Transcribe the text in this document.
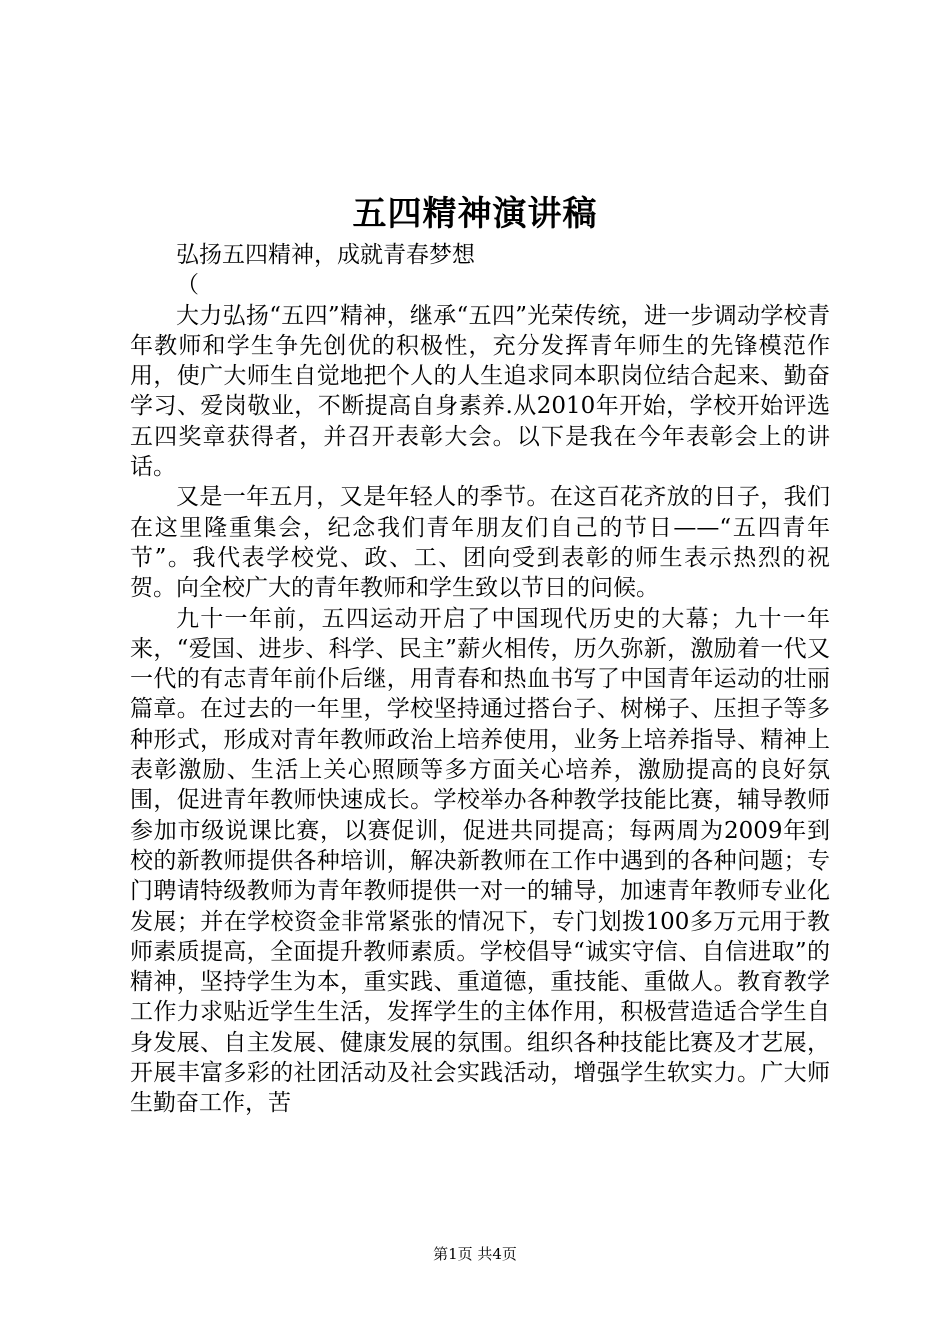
五四精神演讲稿

弘扬五四精神，成就青春梦想

（

大力弘扬“五四”精神，继承“五四”光荣传统，进一步调动学校青年教师和学生争先创优的积极性，充分发挥青年师生的先锋模范作用，使广大师生自觉地把个人的人生追求同本职岗位结合起来、勤奋学习、爱岗敬业，不断提高自身素养.从2010年开始，学校开始评选五四奖章获得者，并召开表彰大会。以下是我在今年表彰会上的讲话。

又是一年五月，又是年轻人的季节。在这百花齐放的日子，我们在这里隆重集会，纪念我们青年朋友们自己的节日——“五四青年节”。我代表学校党、政、工、团向受到表彰的师生表示热烈的祝贺。向全校广大的青年教师和学生致以节日的问候。

九十一年前，五四运动开启了中国现代历史的大幕；九十一年来，“爱国、进步、科学、民主”薪火相传，历久弥新，激励着一代又一代的有志青年前仆后继，用青春和热血书写了中国青年运动的壮丽篇章。在过去的一年里，学校坚持通过搭台子、树梯子、压担子等多种形式，形成对青年教师政治上培养使用，业务上培养指导、精神上表彰激励、生活上关心照顾等多方面关心培养，激励提高的良好氛围，促进青年教师快速成长。学校举办各种教学技能比赛，辅导教师参加市级说课比赛，以赛促训，促进共同提高；每两周为2009年到校的新教师提供各种培训，解决新教师在工作中遇到的各种问题；专门聘请特级教师为青年教师提供一对一的辅导，加速青年教师专业化发展；并在学校资金非常紧张的情况下，专门划拨100多万元用于教师素质提高，全面提升教师素质。学校倡导“诚实守信、自信进取”的精神，坚持学生为本，重实践、重道德，重技能、重做人。教育教学工作力求贴近学生生活，发挥学生的主体作用，积极营造适合学生自身发展、自主发展、健康发展的氛围。组织各种技能比赛及才艺展，开展丰富多彩的社团活动及社会实践活动，增强学生软实力。广大师生勤奋工作，苦

第1页 共4页
